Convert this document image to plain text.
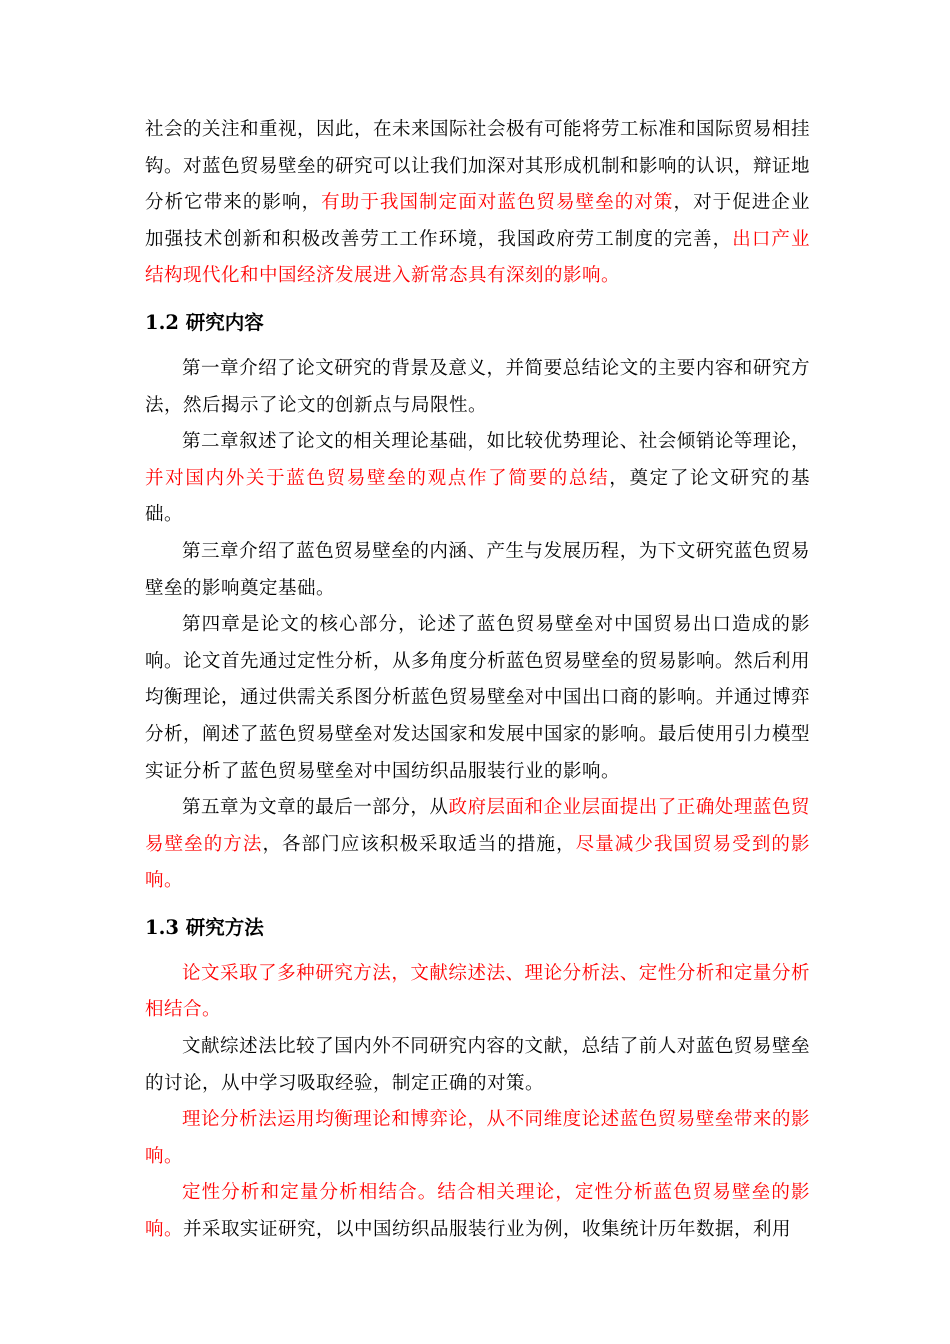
社会的关注和重视，因此，在未来国际社会极有可能将劳工标准和国际贸易相挂钩。对蓝色贸易壁垒的研究可以让我们加深对其形成机制和影响的认识，辩证地分析它带来的影响，有助于我国制定面对蓝色贸易壁垒的对策，对于促进企业加强技术创新和积极改善劳工工作环境，我国政府劳工制度的完善，出口产业结构现代化和中国经济发展进入新常态具有深刻的影响。

1.2 研究内容

第一章介绍了论文研究的背景及意义，并简要总结论文的主要内容和研究方法，然后揭示了论文的创新点与局限性。

第二章叙述了论文的相关理论基础，如比较优势理论、社会倾销论等理论，并对国内外关于蓝色贸易壁垒的观点作了简要的总结，奠定了论文研究的基础。

第三章介绍了蓝色贸易壁垒的内涵、产生与发展历程，为下文研究蓝色贸易壁垒的影响奠定基础。

第四章是论文的核心部分，论述了蓝色贸易壁垒对中国贸易出口造成的影响。论文首先通过定性分析，从多角度分析蓝色贸易壁垒的贸易影响。然后利用均衡理论，通过供需关系图分析蓝色贸易壁垒对中国出口商的影响。并通过博弈分析，阐述了蓝色贸易壁垒对发达国家和发展中国家的影响。最后使用引力模型实证分析了蓝色贸易壁垒对中国纺织品服装行业的影响。

第五章为文章的最后一部分，从政府层面和企业层面提出了正确处理蓝色贸易壁垒的方法，各部门应该积极采取适当的措施，尽量减少我国贸易受到的影响。

1.3 研究方法

论文采取了多种研究方法，文献综述法、理论分析法、定性分析和定量分析相结合。

文献综述法比较了国内外不同研究内容的文献，总结了前人对蓝色贸易壁垒的讨论，从中学习吸取经验，制定正确的对策。

理论分析法运用均衡理论和博弈论，从不同维度论述蓝色贸易壁垒带来的影响。

定性分析和定量分析相结合。结合相关理论，定性分析蓝色贸易壁垒的影响。并采取实证研究，以中国纺织品服装行业为例，收集统计历年数据，利用
